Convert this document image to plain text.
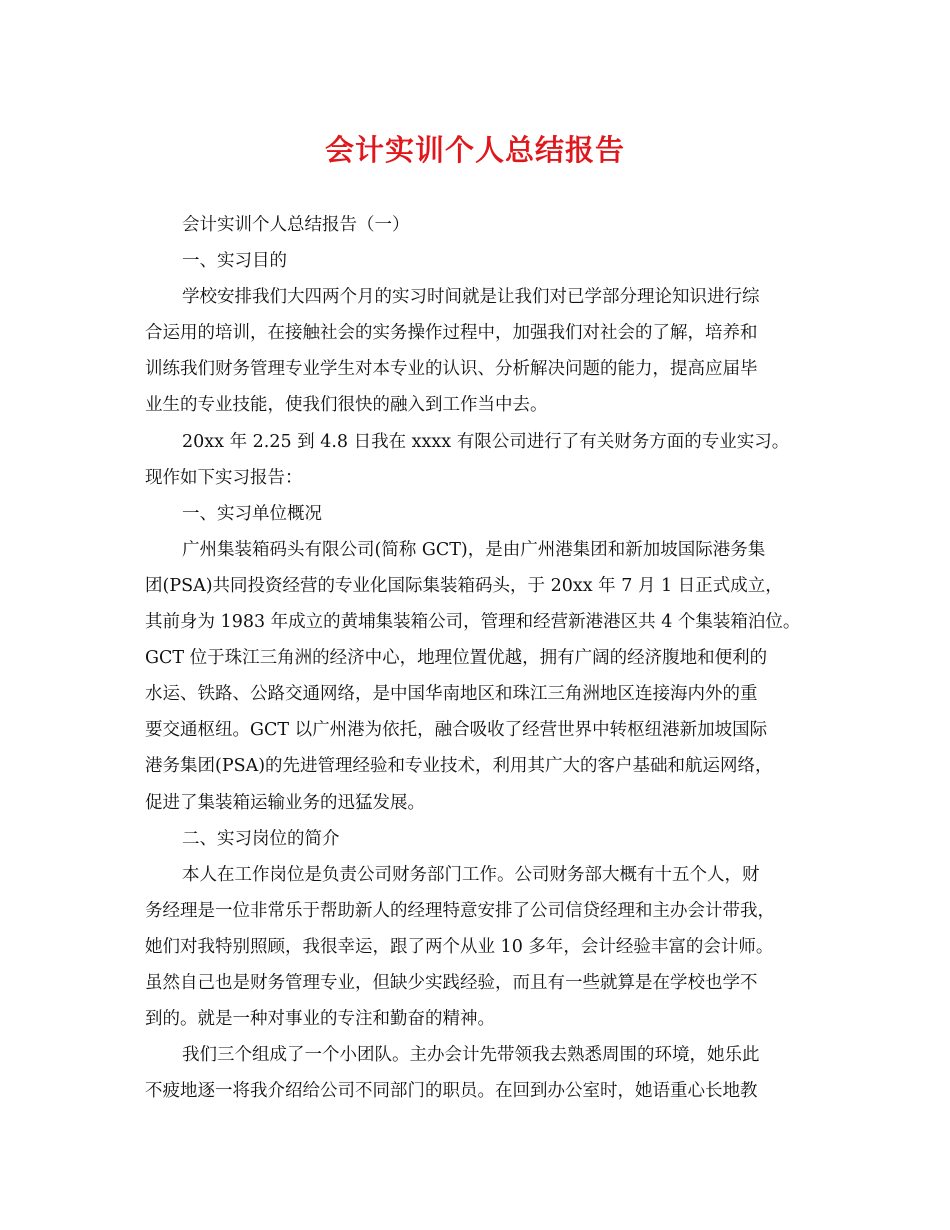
会计实训个人总结报告
会计实训个人总结报告（一）
一、实习目的
学校安排我们大四两个月的实习时间就是让我们对已学部分理论知识进行综
合运用的培训，在接触社会的实务操作过程中，加强我们对社会的了解，培养和
训练我们财务管理专业学生对本专业的认识、分析解决问题的能力，提高应届毕
业生的专业技能，使我们很快的融入到工作当中去。
20xx 年 2.25 到 4.8 日我在 xxxx 有限公司进行了有关财务方面的专业实习。
现作如下实习报告：
一、实习单位概况
广州集装箱码头有限公司(简称 GCT)，是由广州港集团和新加坡国际港务集
团(PSA)共同投资经营的专业化国际集装箱码头，于 20xx 年 7 月 1 日正式成立，
其前身为 1983 年成立的黄埔集装箱公司，管理和经营新港港区共 4 个集装箱泊位。
GCT 位于珠江三角洲的经济中心，地理位置优越，拥有广阔的经济腹地和便利的
水运、铁路、公路交通网络，是中国华南地区和珠江三角洲地区连接海内外的重
要交通枢纽。GCT 以广州港为依托，融合吸收了经营世界中转枢纽港新加坡国际
港务集团(PSA)的先进管理经验和专业技术，利用其广大的客户基础和航运网络，
促进了集装箱运输业务的迅猛发展。
二、实习岗位的简介
本人在工作岗位是负责公司财务部门工作。公司财务部大概有十五个人，财
务经理是一位非常乐于帮助新人的经理特意安排了公司信贷经理和主办会计带我，
她们对我特别照顾，我很幸运，跟了两个从业 10 多年，会计经验丰富的会计师。
虽然自己也是财务管理专业，但缺少实践经验，而且有一些就算是在学校也学不
到的。就是一种对事业的专注和勤奋的精神。
我们三个组成了一个小团队。主办会计先带领我去熟悉周围的环境，她乐此
不疲地逐一将我介绍给公司不同部门的职员。在回到办公室时，她语重心长地教
